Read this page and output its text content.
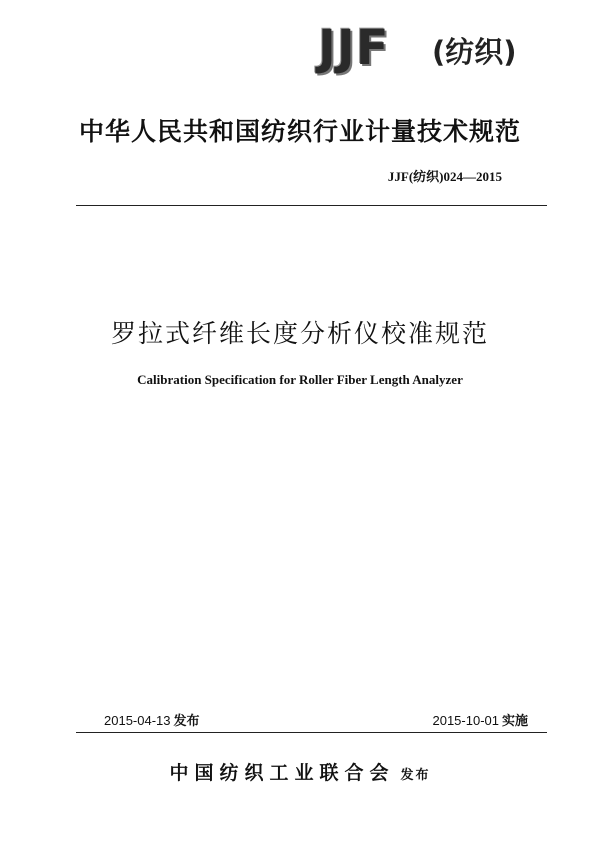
JJF (纺织)
中华人民共和国纺织行业计量技术规范
JJF(纺织)024—2015
罗拉式纤维长度分析仪校准规范
Calibration Specification for Roller Fiber Length Analyzer
2015-04-13 发布	2015-10-01 实施
中国纺织工业联合会 发布
